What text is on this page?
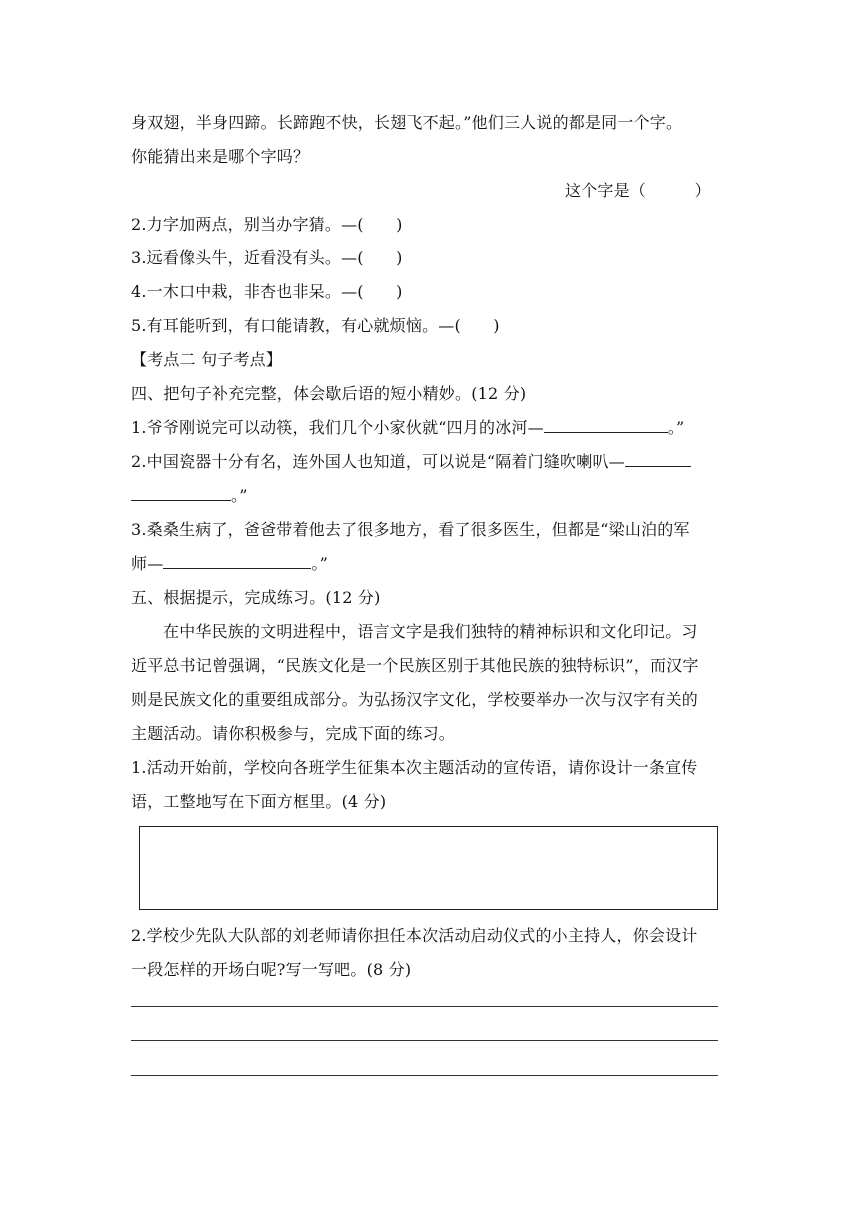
身双翅，半身四蹄。长蹄跑不快，长翅飞不起。”他们三人说的都是同一个字。
你能猜出来是哪个字吗？
这个字是（　　　）
2.力字加两点，别当办字猜。—(　　)
3.远看像头牛，近看没有头。—(　　)
4.一木口中栽，非杏也非呆。—(　　)
5.有耳能听到，有口能请教，有心就烦恼。—(　　)
【考点二 句子考点】
四、把句子补充完整，体会歇后语的短小精妙。(12 分)
1.爷爷刚说完可以动筷，我们几个小家伙就“四月的冰河—	。”
2.中国瓷器十分有名，连外国人也知道，可以说是“隔着门缝吹喇叭—
。”
3.桑桑生病了，爸爸带着他去了很多地方，看了很多医生，但都是“梁山泊的军
师—	。”
五、根据提示，完成练习。(12 分)
在中华民族的文明进程中，语言文字是我们独特的精神标识和文化印记。习
近平总书记曾强调，“民族文化是一个民族区别于其他民族的独特标识”，而汉字
则是民族文化的重要组成部分。为弘扬汉字文化，学校要举办一次与汉字有关的
主题活动。请你积极参与，完成下面的练习。
1.活动开始前，学校向各班学生征集本次主题活动的宣传语，请你设计一条宣传
语，工整地写在下面方框里。(4 分)
2.学校少先队大队部的刘老师请你担任本次活动启动仪式的小主持人，你会设计
一段怎样的开场白呢?写一写吧。(8 分)
